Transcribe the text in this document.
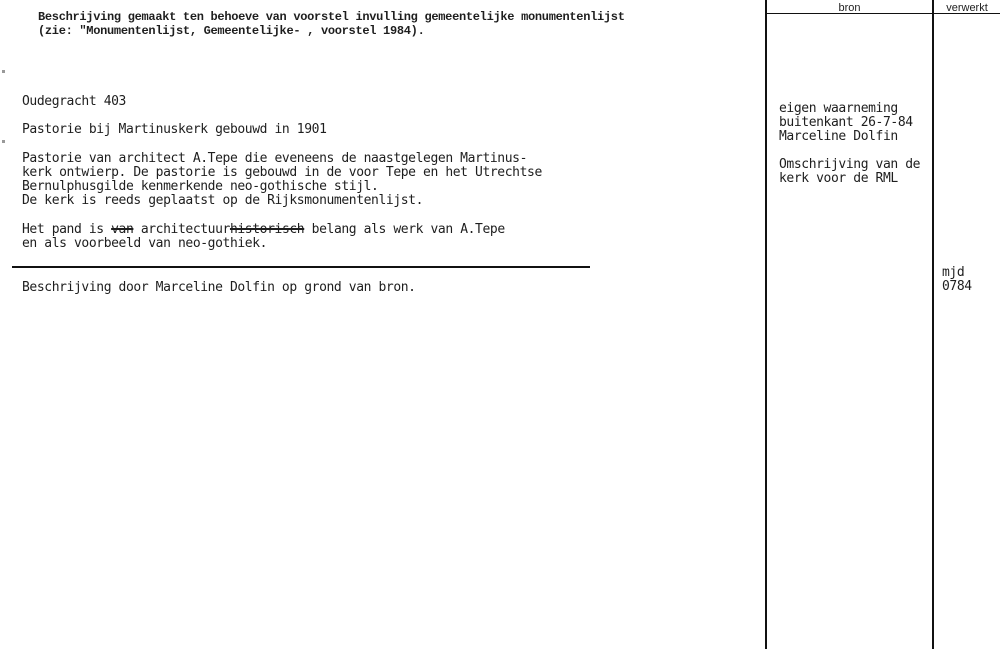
Beschrijving gemaakt ten behoeve van voorstel invulling gemeentelijke monumentenlijst
(zie: "Monumentenlijst, Gemeentelijke- , voorstel 1984).
bron	verwerkt
Oudegracht 403
Pastorie bij Martinuskerk gebouwd in 1901
Pastorie van architect A.Tepe die eveneens de naastgelegen Martinus-
kerk ontwierp. De pastorie is gebouwd in de voor Tepe en het Utrechtse
Bernulphusgilde kenmerkende neo-gothische stijl.
De kerk is reeds geplaatst op de Rijksmonumentenlijst.
Het pand is van architectuurhistorisch belang als werk van A.Tepe
en als voorbeeld van neo-gothiek.
Beschrijving door Marceline Dolfin op grond van bron.
eigen waarneming
buitenkant 26-7-84
Marceline Dolfin
Omschrijving van de
kerk voor de RML
mjd
0784
